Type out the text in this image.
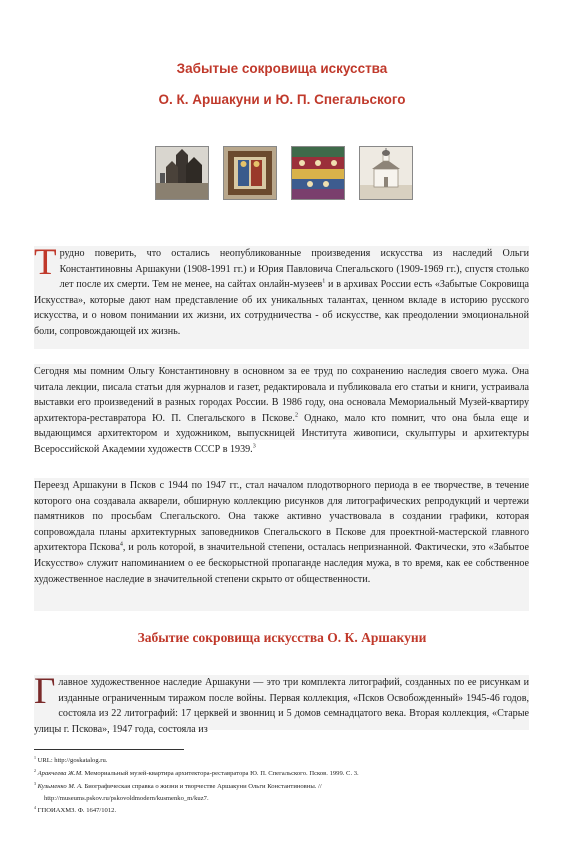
Забытые сокровища искусства
О. К. Аршакуни и Ю. П. Спегальского
Трудно поверить, что остались неопубликованные произведения искусства из наследий Ольги Константиновны Аршакуни (1908-1991 гг.) и Юрия Павловича Спегальского (1909-1969 гг.), спустя столько лет после их смерти. Тем не менее, на сайтах онлайн-музеев$^1$ и в архивах России есть «Забытые Сокровища Искусства», которые дают нам представление об их уникальных талантах, ценном вкладе в историю русского искусства, и о новом понимании их жизни, их сотрудничества - об искусстве, как преодолении эмоциональной боли, сопровождающей их жизнь.
Сегодня мы помним Ольгу Константиновну в основном за ее труд по сохранению наследия своего мужа. Она читала лекции, писала статьи для журналов и газет, редактировала и публиковала его статьи и книги, устраивала выставки его произведений в разных городах России. В 1986 году, она основала Мемориальный Музей-квартиру архитектора-реставратора Ю. П. Спегальского в Пскове.$^2$ Однако, мало кто помнит, что она была еще и выдающимся архитектором и художником, выпускницей Института живописи, скульптуры и архитектуры Всероссийской Академии художеств СССР в 1939.$^3$
Переезд Аршакуни в Псков с 1944 по 1947 гг., стал началом плодотворного периода в ее творчестве, в течение которого она создавала акварели, обширную коллекцию рисунков для литографических репродукций и чертежи памятников по просьбам Спегальского. Она также активно участвовала в создании графики, которая сопровождала планы архитектурных заповедников Спегальского в Пскове для проектной-мастерской главного архитектора Пскова$^4$, и роль которой, в значительной степени, осталась непризнанной. Фактически, это «Забытое Искусство» служит напоминанием о ее бескорыстной пропаганде наследия мужа, в то время, как ее собственное художественное наследие в значительной степени скрыто от общественности.
Забытие сокровища искусства О. К. Аршакуни
Главное художественное наследие Аршакуни — это три комплекта литографий, созданных по ее рисункам и изданные ограниченным тиражом после войны. Первая коллекция, «Псков Освобожденный» 1945-46 годов, состояла из 22 литографий: 17 церквей и звонниц и 5 домов семнадцатого века. Вторая коллекция, «Старые улицы г. Пскова», 1947 года, состояла из

$^1$ URL: http://goskatalog.ru.

$^2$ Аракчеева Ж.М. Мемориальный музей-квартира архитектора-реставратора Ю. П. Спегальского. Псков. 1999. С. 3.

$^3$ Кузьменко М. А. Биографическая справка о жизни и творчестве Аршакуни Ольги Константиновны. //

http://museums.pskov.ru/pskovoldmodern/kusmenko_m/kuz7.

$^4$ ГПОИАХМЗ. Ф. 1647/1012.
